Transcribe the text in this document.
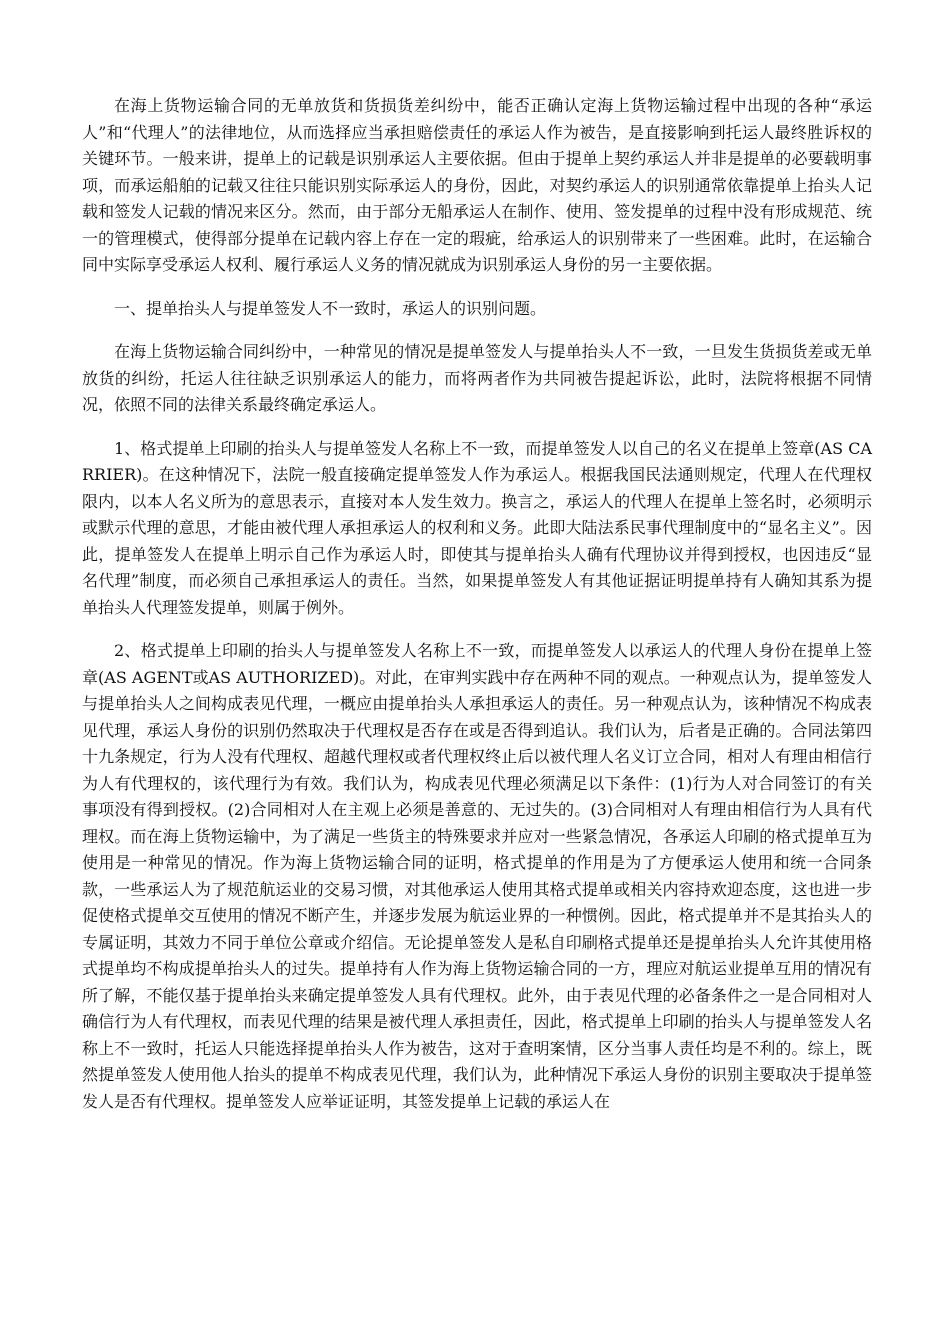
在海上货物运输合同的无单放货和货损货差纠纷中，能否正确认定海上货物运输过程中出现的各种“承运人”和“代理人”的法律地位，从而选择应当承担赔偿责任的承运人作为被告，是直接影响到托运人最终胜诉权的关键环节。一般来讲，提单上的记载是识别承运人主要依据。但由于提单上契约承运人并非是提单的必要载明事项，而承运船舶的记载又往往只能识别实际承运人的身份，因此，对契约承运人的识别通常依靠提单上抬头人记载和签发人记载的情况来区分。然而，由于部分无船承运人在制作、使用、签发提单的过程中没有形成规范、统一的管理模式，使得部分提单在记载内容上存在一定的瑕疵，给承运人的识别带来了一些困难。此时，在运输合同中实际享受承运人权利、履行承运人义务的情况就成为识别承运人身份的另一主要依据。

一、提单抬头人与提单签发人不一致时，承运人的识别问题。

在海上货物运输合同纠纷中，一种常见的情况是提单签发人与提单抬头人不一致，一旦发生货损货差或无单放货的纠纷，托运人往往缺乏识别承运人的能力，而将两者作为共同被告提起诉讼，此时，法院将根据不同情况，依照不同的法律关系最终确定承运人。

1、格式提单上印刷的抬头人与提单签发人名称上不一致，而提单签发人以自己的名义在提单上签章(AS CARRIER)。在这种情况下，法院一般直接确定提单签发人作为承运人。根据我国民法通则规定，代理人在代理权限内，以本人名义所为的意思表示，直接对本人发生效力。换言之，承运人的代理人在提单上签名时，必须明示或默示代理的意思，才能由被代理人承担承运人的权利和义务。此即大陆法系民事代理制度中的“显名主义”。因此，提单签发人在提单上明示自己作为承运人时，即使其与提单抬头人确有代理协议并得到授权，也因违反“显名代理”制度，而必须自己承担承运人的责任。当然，如果提单签发人有其他证据证明提单持有人确知其系为提单抬头人代理签发提单，则属于例外。

2、格式提单上印刷的抬头人与提单签发人名称上不一致，而提单签发人以承运人的代理人身份在提单上签章(AS AGENT或AS AUTHORIZED)。对此，在审判实践中存在两种不同的观点。一种观点认为，提单签发人与提单抬头人之间构成表见代理，一概应由提单抬头人承担承运人的责任。另一种观点认为，该种情况不构成表见代理，承运人身份的识别仍然取决于代理权是否存在或是否得到追认。我们认为，后者是正确的。合同法第四十九条规定，行为人没有代理权、超越代理权或者代理权终止后以被代理人名义订立合同，相对人有理由相信行为人有代理权的，该代理行为有效。我们认为，构成表见代理必须满足以下条件：(1)行为人对合同签订的有关事项没有得到授权。(2)合同相对人在主观上必须是善意的、无过失的。(3)合同相对人有理由相信行为人具有代理权。而在海上货物运输中，为了满足一些货主的特殊要求并应对一些紧急情况，各承运人印刷的格式提单互为使用是一种常见的情况。作为海上货物运输合同的证明，格式提单的作用是为了方便承运人使用和统一合同条款，一些承运人为了规范航运业的交易习惯，对其他承运人使用其格式提单或相关内容持欢迎态度，这也进一步促使格式提单交互使用的情况不断产生，并逐步发展为航运业界的一种惯例。因此，格式提单并不是其抬头人的专属证明，其效力不同于单位公章或介绍信。无论提单签发人是私自印刷格式提单还是提单抬头人允许其使用格式提单均不构成提单抬头人的过失。提单持有人作为海上货物运输合同的一方，理应对航运业提单互用的情况有所了解，不能仅基于提单抬头来确定提单签发人具有代理权。此外，由于表见代理的必备条件之一是合同相对人确信行为人有代理权，而表见代理的结果是被代理人承担责任，因此，格式提单上印刷的抬头人与提单签发人名称上不一致时，托运人只能选择提单抬头人作为被告，这对于查明案情，区分当事人责任均是不利的。综上，既然提单签发人使用他人抬头的提单不构成表见代理，我们认为，此种情况下承运人身份的识别主要取决于提单签发人是否有代理权。提单签发人应举证证明，其签发提单上记载的承运人在
